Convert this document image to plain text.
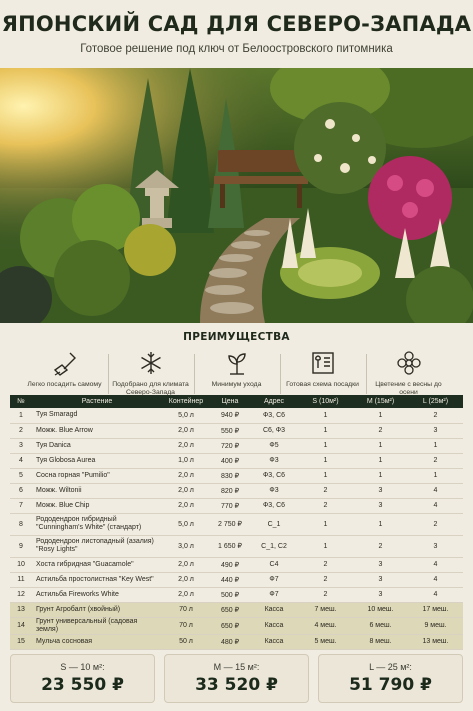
ЯПОНСКИЙ САД ДЛЯ СЕВЕРО-ЗАПАДА
Готовое решение под ключ от Белоостровского питомника
ПРЕИМУЩЕСТВА
Легко посадить самому	Подобрано для климата Северо-Запада
Минимум ухода	Готовая схема посадки	Цветение с весны до осени
№	Растение	Контейнер	Цена	Адрес	S (10м²)	M (15м²)	L (25м²)
1	Туя Smaragd	5,0 л	940 ₽	Ф3, С6	1	1	2
2	Можж. Blue Arrow	2,0 л	550 ₽	С6, Ф3	1	2	3
3	Туя Danica	2,0 л	720 ₽	Ф5	1	1	1
4	Туя Globosa Aurea	1,0 л	400 ₽	Ф3	1	1	2
5	Сосна горная "Pumilio"	2,0 л	830 ₽	Ф3, С6	1	1	1
6	Можж. Wiltonii	2,0 л	820 ₽	Ф3	2	3	4
7	Можж. Blue Chip	2,0 л	770 ₽	Ф3, С6	2	3	4
8	Рододендрон гибридный "Cunningham's White" (стандарт)	5,0 л	2 750 ₽	С_1	1	1	2
9	Рододендрон листопадный (азалия) "Rosy Lights"	3,0 л	1 650 ₽	С_1, С2	1	2	3
10	Хоста гибридная "Guacamole"	2,0 л	490 ₽	С4	2	3	4
11	Астильба простолистная "Key West"	2,0 л	440 ₽	Ф7	2	3	4
12	Астильба Fireworks White	2,0 л	500 ₽	Ф7	2	3	4
13	Грунт Агробалт (хвойный)	70 л	650 ₽	Касса	7 меш.	10 меш.	17 меш.
14	Грунт универсальный (садовая земля)	70 л	650 ₽	Касса	4 меш.	6 меш.	9 меш.
15	Мульча сосновая	50 л	480 ₽	Касса	5 меш.	8 меш.	13 меш.
S — 10 м²:
23 550 ₽
M — 15 м²:
33 520 ₽
L — 25 м²:
51 790 ₽
